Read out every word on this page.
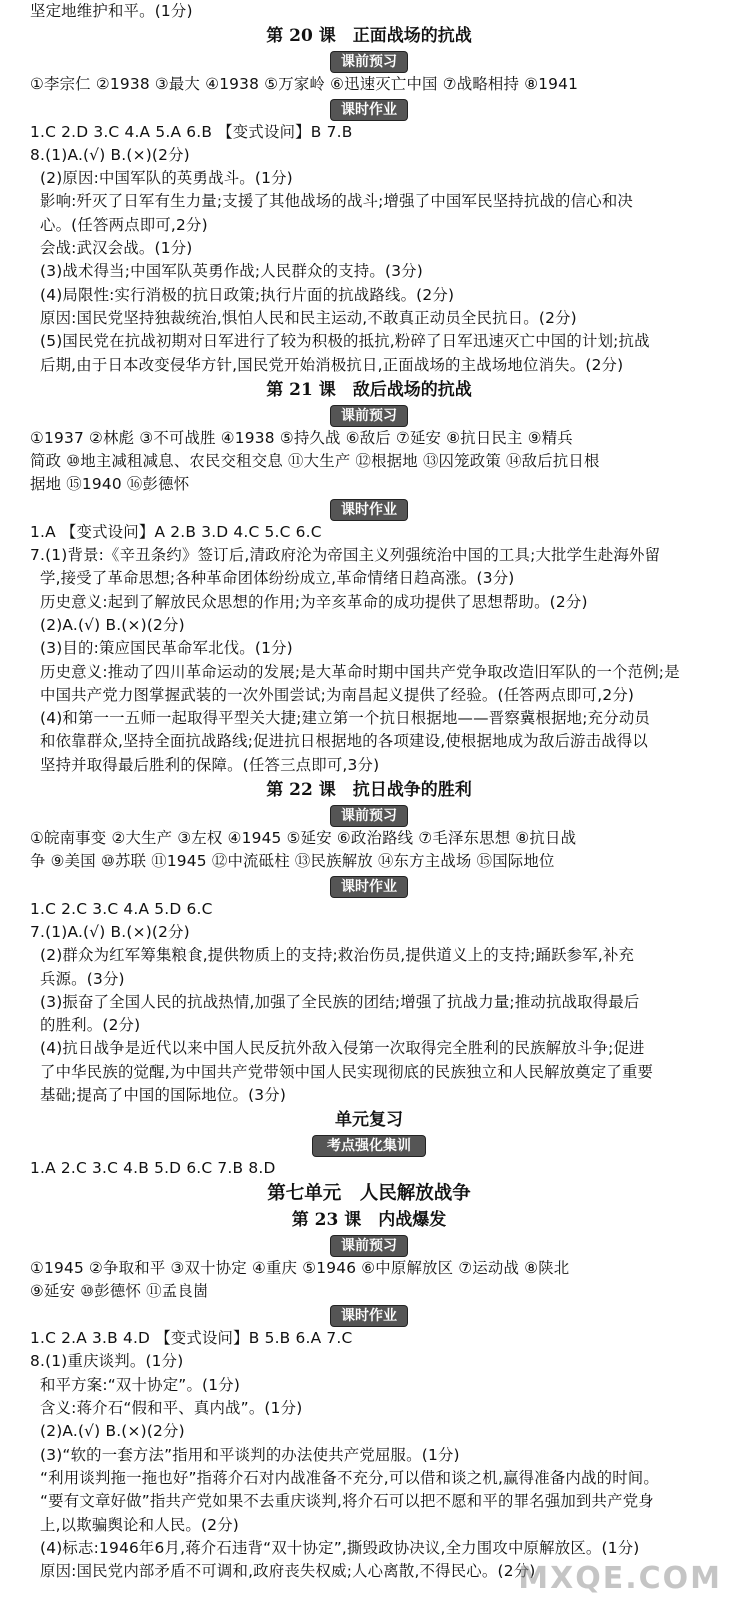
坚定地维护和平。(1分)
第 20 课　正面战场的抗战
课前预习
①李宗仁 ②1938 ③最大 ④1938 ⑤万家岭 ⑥迅速灭亡中国 ⑦战略相持 ⑧1941
课时作业
1.C 2.D 3.C 4.A 5.A 6.B 【变式设问】B 7.B
8.(1)A.(√) B.(×)(2分)
(2)原因:中国军队的英勇战斗。(1分)
影响:歼灭了日军有生力量;支援了其他战场的战斗;增强了中国军民坚持抗战的信心和决
心。(任答两点即可,2分)
会战:武汉会战。(1分)
(3)战术得当;中国军队英勇作战;人民群众的支持。(3分)
(4)局限性:实行消极的抗日政策;执行片面的抗战路线。(2分)
原因:国民党坚持独裁统治,惧怕人民和民主运动,不敢真正动员全民抗日。(2分)
(5)国民党在抗战初期对日军进行了较为积极的抵抗,粉碎了日军迅速灭亡中国的计划;抗战
后期,由于日本改变侵华方针,国民党开始消极抗日,正面战场的主战场地位消失。(2分)
第 21 课　敌后战场的抗战
课前预习
①1937 ②林彪 ③不可战胜 ④1938 ⑤持久战 ⑥敌后 ⑦延安 ⑧抗日民主 ⑨精兵
简政 ⑩地主减租减息、农民交租交息 ⑪大生产 ⑫根据地 ⑬囚笼政策 ⑭敌后抗日根
据地 ⑮1940 ⑯彭德怀
课时作业
1.A 【变式设问】A 2.B 3.D 4.C 5.C 6.C
7.(1)背景:《辛丑条约》签订后,清政府沦为帝国主义列强统治中国的工具;大批学生赴海外留
学,接受了革命思想;各种革命团体纷纷成立,革命情绪日趋高涨。(3分)
历史意义:起到了解放民众思想的作用;为辛亥革命的成功提供了思想帮助。(2分)
(2)A.(√) B.(×)(2分)
(3)目的:策应国民革命军北伐。(1分)
历史意义:推动了四川革命运动的发展;是大革命时期中国共产党争取改造旧军队的一个范例;是
中国共产党力图掌握武装的一次外围尝试;为南昌起义提供了经验。(任答两点即可,2分)
(4)和第一一五师一起取得平型关大捷;建立第一个抗日根据地——晋察冀根据地;充分动员
和依靠群众,坚持全面抗战路线;促进抗日根据地的各项建设,使根据地成为敌后游击战得以
坚持并取得最后胜利的保障。(任答三点即可,3分)
第 22 课　抗日战争的胜利
课前预习
①皖南事变 ②大生产 ③左权 ④1945 ⑤延安 ⑥政治路线 ⑦毛泽东思想 ⑧抗日战
争 ⑨美国 ⑩苏联 ⑪1945 ⑫中流砥柱 ⑬民族解放 ⑭东方主战场 ⑮国际地位
课时作业
1.C 2.C 3.C 4.A 5.D 6.C
7.(1)A.(√) B.(×)(2分)
(2)群众为红军筹集粮食,提供物质上的支持;救治伤员,提供道义上的支持;踊跃参军,补充
兵源。(3分)
(3)振奋了全国人民的抗战热情,加强了全民族的团结;增强了抗战力量;推动抗战取得最后
的胜利。(2分)
(4)抗日战争是近代以来中国人民反抗外敌入侵第一次取得完全胜利的民族解放斗争;促进
了中华民族的觉醒,为中国共产党带领中国人民实现彻底的民族独立和人民解放奠定了重要
基础;提高了中国的国际地位。(3分)
单元复习
考点强化集训
1.A 2.C 3.C 4.B 5.D 6.C 7.B 8.D
第七单元　人民解放战争
第 23 课　内战爆发
课前预习
①1945 ②争取和平 ③双十协定 ④重庆 ⑤1946 ⑥中原解放区 ⑦运动战 ⑧陕北
⑨延安 ⑩彭德怀 ⑪孟良崮
课时作业
1.C 2.A 3.B 4.D 【变式设问】B 5.B 6.A 7.C
8.(1)重庆谈判。(1分)
和平方案:“双十协定”。(1分)
含义:蒋介石“假和平、真内战”。(1分)
(2)A.(√) B.(×)(2分)
(3)“软的一套方法”指用和平谈判的办法使共产党屈服。(1分)
“利用谈判拖一拖也好”指蒋介石对内战准备不充分,可以借和谈之机,赢得准备内战的时间。
“要有文章好做”指共产党如果不去重庆谈判,将介石可以把不愿和平的罪名强加到共产党身
上,以欺骗舆论和人民。(2分)
(4)标志:1946年6月,蒋介石违背“双十协定”,撕毁政协决议,全力围攻中原解放区。(1分)
原因:国民党内部矛盾不可调和,政府丧失权威;人心离散,不得民心。(2分)
MXQE.COM
